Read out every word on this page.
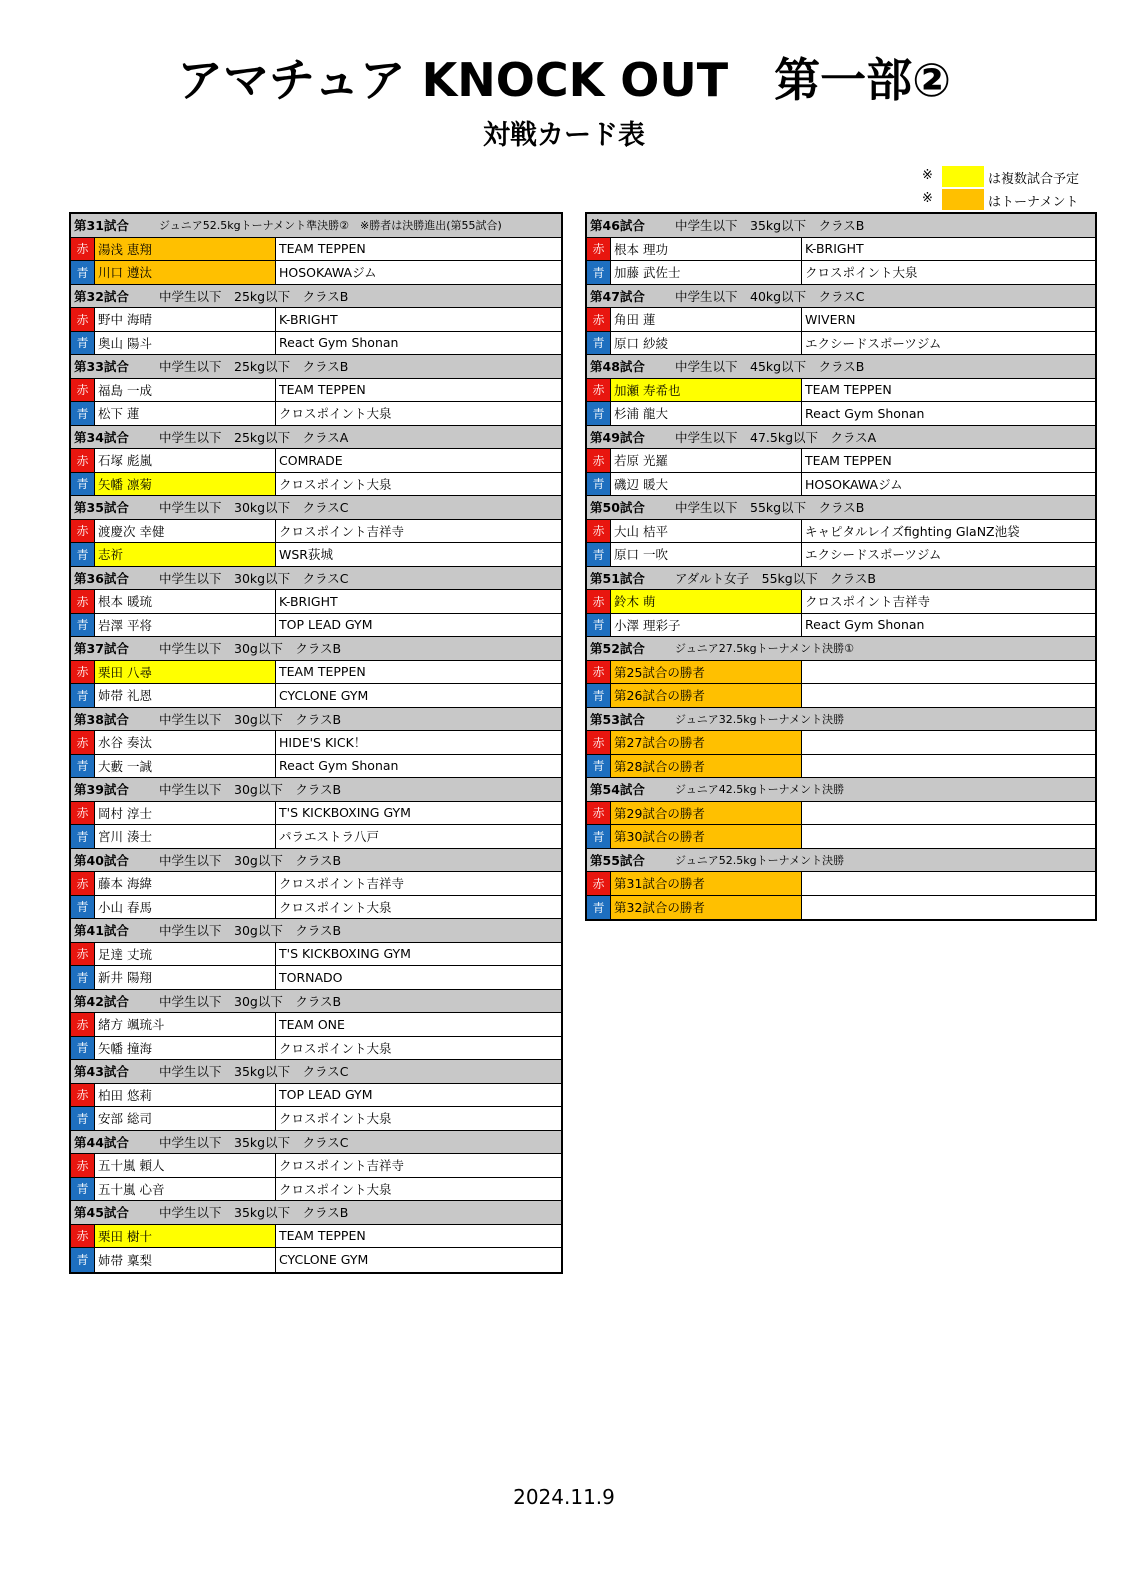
アマチュア KNOCK OUT　第一部②
対戦カード表
※	は複数試合予定
※	はトーナメント
第31試合	ジュニア52.5kgトーナメント準決勝②　※勝者は決勝進出(第55試合)
赤 湯浅 恵翔	TEAM TEPPEN
青 川口 遵汰	HOSOKAWAジム
第32試合	中学生以下　25kg以下　クラスB
赤 野中 海晴	K-BRIGHT
青 奥山 陽斗	React Gym Shonan
第33試合	中学生以下　25kg以下　クラスB
赤 福島 一成	TEAM TEPPEN
青 松下 蓮	クロスポイント大泉
第34試合	中学生以下　25kg以下　クラスA
赤 石塚 彪嵐	COMRADE
青 矢幡 凛菊	クロスポイント大泉
第35試合	中学生以下　30kg以下　クラスC
赤 渡慶次 幸健	クロスポイント吉祥寺
青 志祈	WSR荻城
第36試合	中学生以下　30kg以下　クラスC
赤 根本 暖琉	K-BRIGHT
青 岩澤 平将	TOP LEAD GYM
第37試合	中学生以下　30g以下　クラスB
赤 栗田 八尋	TEAM TEPPEN
青 姉帯 礼恩	CYCLONE GYM
第38試合	中学生以下　30g以下　クラスB
赤 水谷 奏汰	HIDE'S KICK！
青 大藪 一誠	React Gym Shonan
第39試合	中学生以下　30g以下　クラスB
赤 岡村 淳士	T'S KICKBOXING GYM
青 宮川 湊士	パラエストラ八戸
第40試合	中学生以下　30g以下　クラスB
赤 藤本 海緯	クロスポイント吉祥寺
青 小山 春馬	クロスポイント大泉
第41試合	中学生以下　30g以下　クラスB
赤 足達 丈琉	T'S KICKBOXING GYM
青 新井 陽翔	TORNADO
第42試合	中学生以下　30g以下　クラスB
赤 緒方 颯琉斗	TEAM ONE
青 矢幡 撞海	クロスポイント大泉
第43試合	中学生以下　35kg以下　クラスC
赤 柏田 悠莉	TOP LEAD GYM
青 安部 総司	クロスポイント大泉
第44試合	中学生以下　35kg以下　クラスC
赤 五十嵐 頼人	クロスポイント吉祥寺
青 五十嵐 心音	クロスポイント大泉
第45試合	中学生以下　35kg以下　クラスB
赤 栗田 樹十	TEAM TEPPEN
青 姉帯 稟梨	CYCLONE GYM
第46試合	中学生以下　35kg以下　クラスB
赤 根本 理功	K-BRIGHT
青 加藤 武佐士	クロスポイント大泉
第47試合	中学生以下　40kg以下　クラスC
赤 角田 蓮	WIVERN
青 原口 紗綾	エクシードスポーツジム
第48試合	中学生以下　45kg以下　クラスB
赤 加瀬 寿希也	TEAM TEPPEN
青 杉浦 龍大	React Gym Shonan
第49試合	中学生以下　47.5kg以下　クラスA
赤 若原 光羅	TEAM TEPPEN
青 磯辺 暖大	HOSOKAWAジム
第50試合	中学生以下　55kg以下　クラスB
赤 大山 桔平	キャピタルレイズfighting GlaNZ池袋
青 原口 一吹	エクシードスポーツジム
第51試合	アダルト女子　55kg以下　クラスB
赤 鈴木 萌	クロスポイント吉祥寺
青 小澤 理彩子	React Gym Shonan
第52試合	ジュニア27.5kgトーナメント決勝①
赤 第25試合の勝者
青 第26試合の勝者
第53試合	ジュニア32.5kgトーナメント決勝
赤 第27試合の勝者
青 第28試合の勝者
第54試合	ジュニア42.5kgトーナメント決勝
赤 第29試合の勝者
青 第30試合の勝者
第55試合	ジュニア52.5kgトーナメント決勝
赤 第31試合の勝者
青 第32試合の勝者
2024.11.9
